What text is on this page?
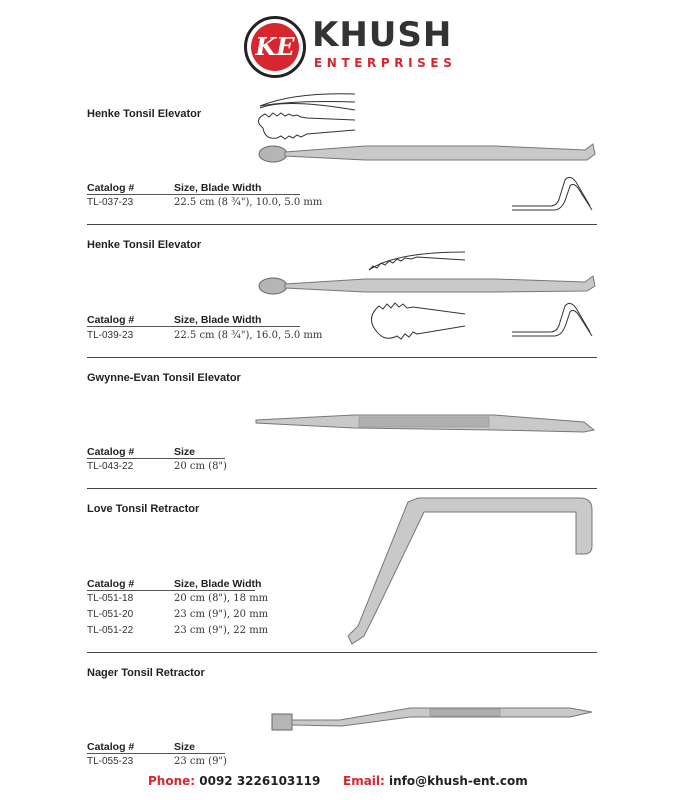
KE KHUSH
ENTERPRISES
Henke Tonsil Elevator
Catalog #	Size, Blade Width
TL-037-23	22.5 cm (8 ¾"), 10.0, 5.0 mm
Henke Tonsil Elevator
Catalog #	Size, Blade Width
TL-039-23	22.5 cm (8 ¾"), 16.0, 5.0 mm
Gwynne-Evan Tonsil Elevator
Catalog #	Size
TL-043-22	20 cm (8")
Love Tonsil Retractor
Catalog #	Size, Blade Width
TL-051-18	20 cm (8"), 18 mm
TL-051-20	23 cm (9"), 20 mm
TL-051-22	23 cm (9"), 22 mm
Nager Tonsil Retractor
Catalog #	Size
TL-055-23	23 cm (9")
Phone: 0092 3226103119 Email: info@khush-ent.com
